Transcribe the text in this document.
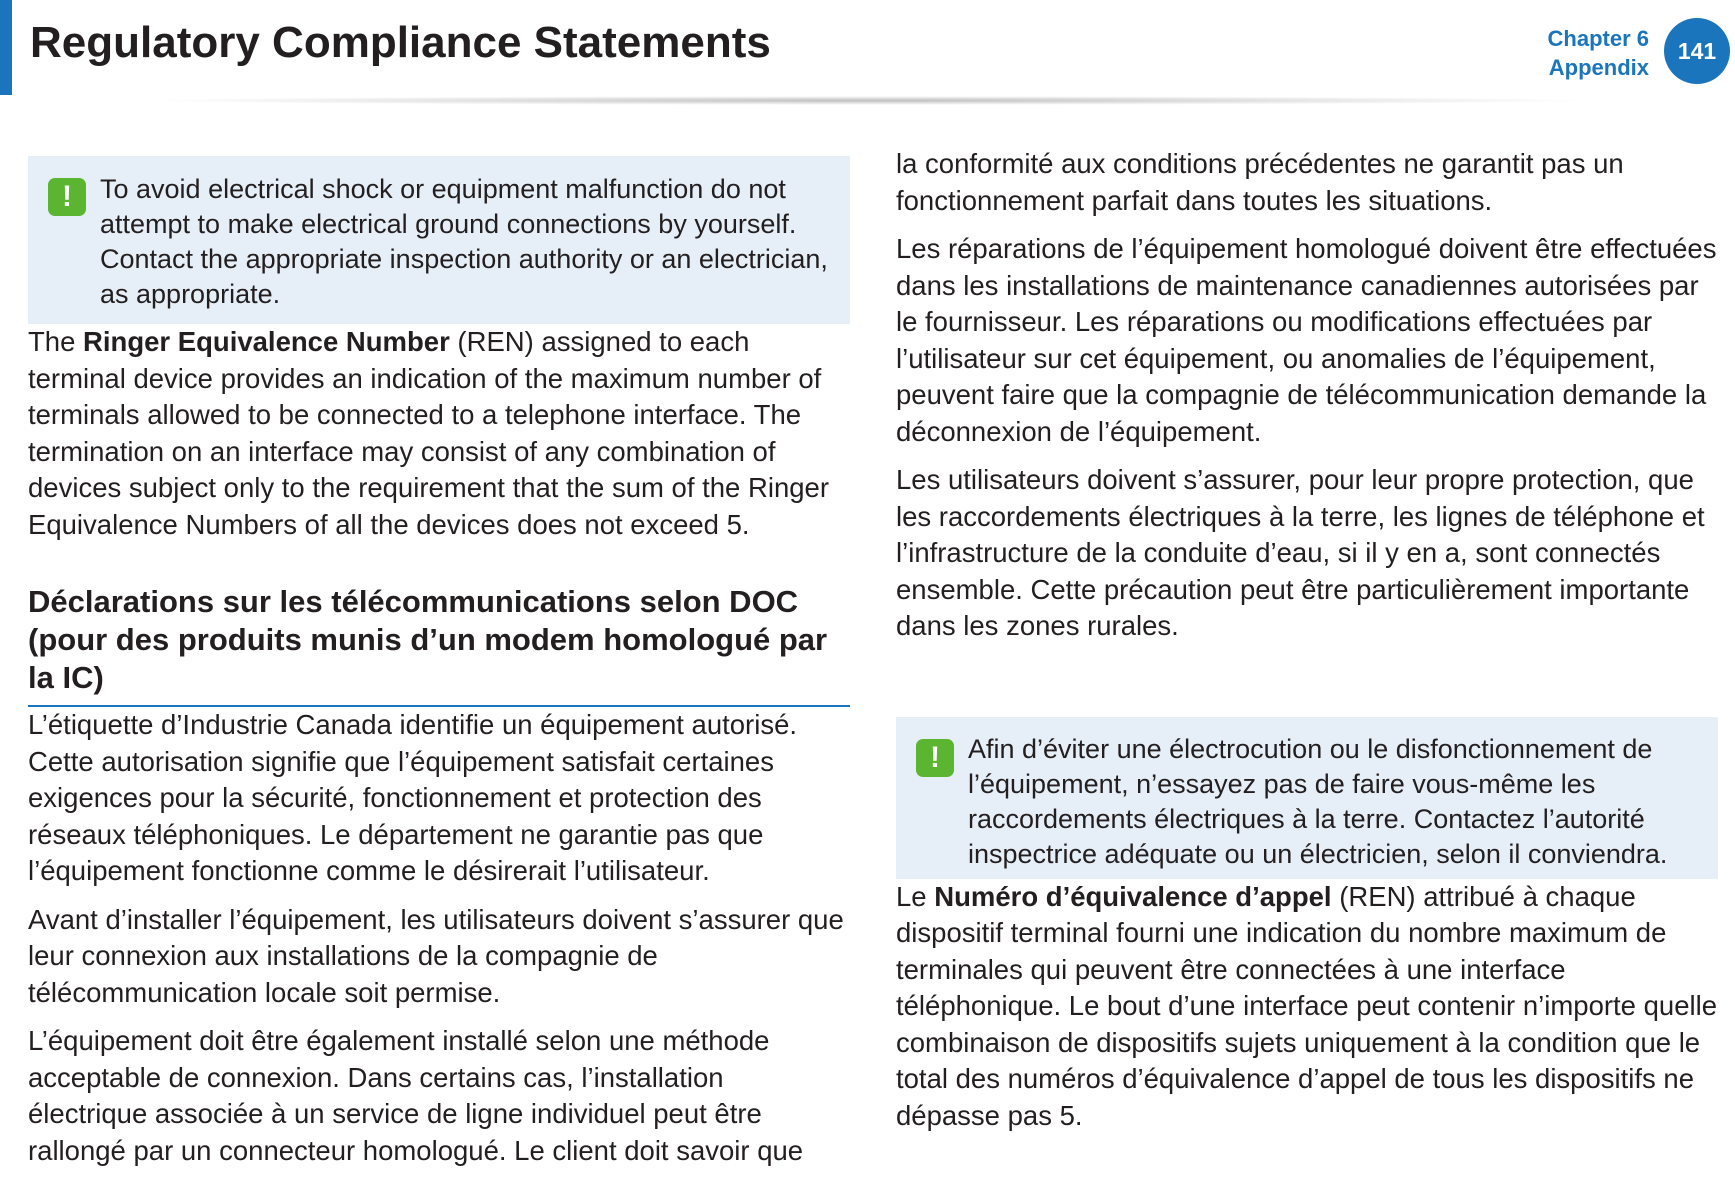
Regulatory Compliance Statements	Chapter 6
Appendix
141
!	To avoid electrical shock or equipment malfunction do not attempt to make electrical ground connections by yourself. Contact the appropriate inspection authority or an electrician, as appropriate.

The Ringer Equivalence Number (REN) assigned to each terminal device provides an indication of the maximum number of terminals allowed to be connected to a telephone interface. The termination on an interface may consist of any combination of devices subject only to the requirement that the sum of the Ringer Equivalence Numbers of all the devices does not exceed 5.

Déclarations sur les télécommunications selon DOC (pour des produits munis d’un modem homologué par la IC)

L’étiquette d’Industrie Canada identifie un équipement autorisé. Cette autorisation signifie que l’équipement satisfait certaines exigences pour la sécurité, fonctionnement et protection des réseaux téléphoniques. Le département ne garantie pas que l’équipement fonctionne comme le désirerait l’utilisateur.

Avant d’installer l’équipement, les utilisateurs doivent s’assurer que leur connexion aux installations de la compagnie de télécommunication locale soit permise.

L’équipement doit être également installé selon une méthode acceptable de connexion. Dans certains cas, l’installation électrique associée à un service de ligne individuel peut être rallongé par un connecteur homologué. Le client doit savoir que

la conformité aux conditions précédentes ne garantit pas un fonctionnement parfait dans toutes les situations.

Les réparations de l’équipement homologué doivent être effectuées dans les installations de maintenance canadiennes autorisées par le fournisseur. Les réparations ou modifications effectuées par l’utilisateur sur cet équipement, ou anomalies de l’équipement, peuvent faire que la compagnie de télécommunication demande la déconnexion de l’équipement.

Les utilisateurs doivent s’assurer, pour leur propre protection, que les raccordements électriques à la terre, les lignes de téléphone et l’infrastructure de la conduite d’eau, si il y en a, sont connectés ensemble. Cette précaution peut être particulièrement importante dans les zones rurales.

!	Afin d’éviter une électrocution ou le disfonctionnement de l’équipement, n’essayez pas de faire vous-même les raccordements électriques à la terre. Contactez l’autorité inspectrice adéquate ou un électricien, selon il conviendra.

Le Numéro d’équivalence d’appel (REN) attribué à chaque dispositif terminal fourni une indication du nombre maximum de terminales qui peuvent être connectées à une interface téléphonique. Le bout d’une interface peut contenir n’importe quelle combinaison de dispositifs sujets uniquement à la condition que le total des numéros d’équivalence d’appel de tous les dispositifs ne dépasse pas 5.
